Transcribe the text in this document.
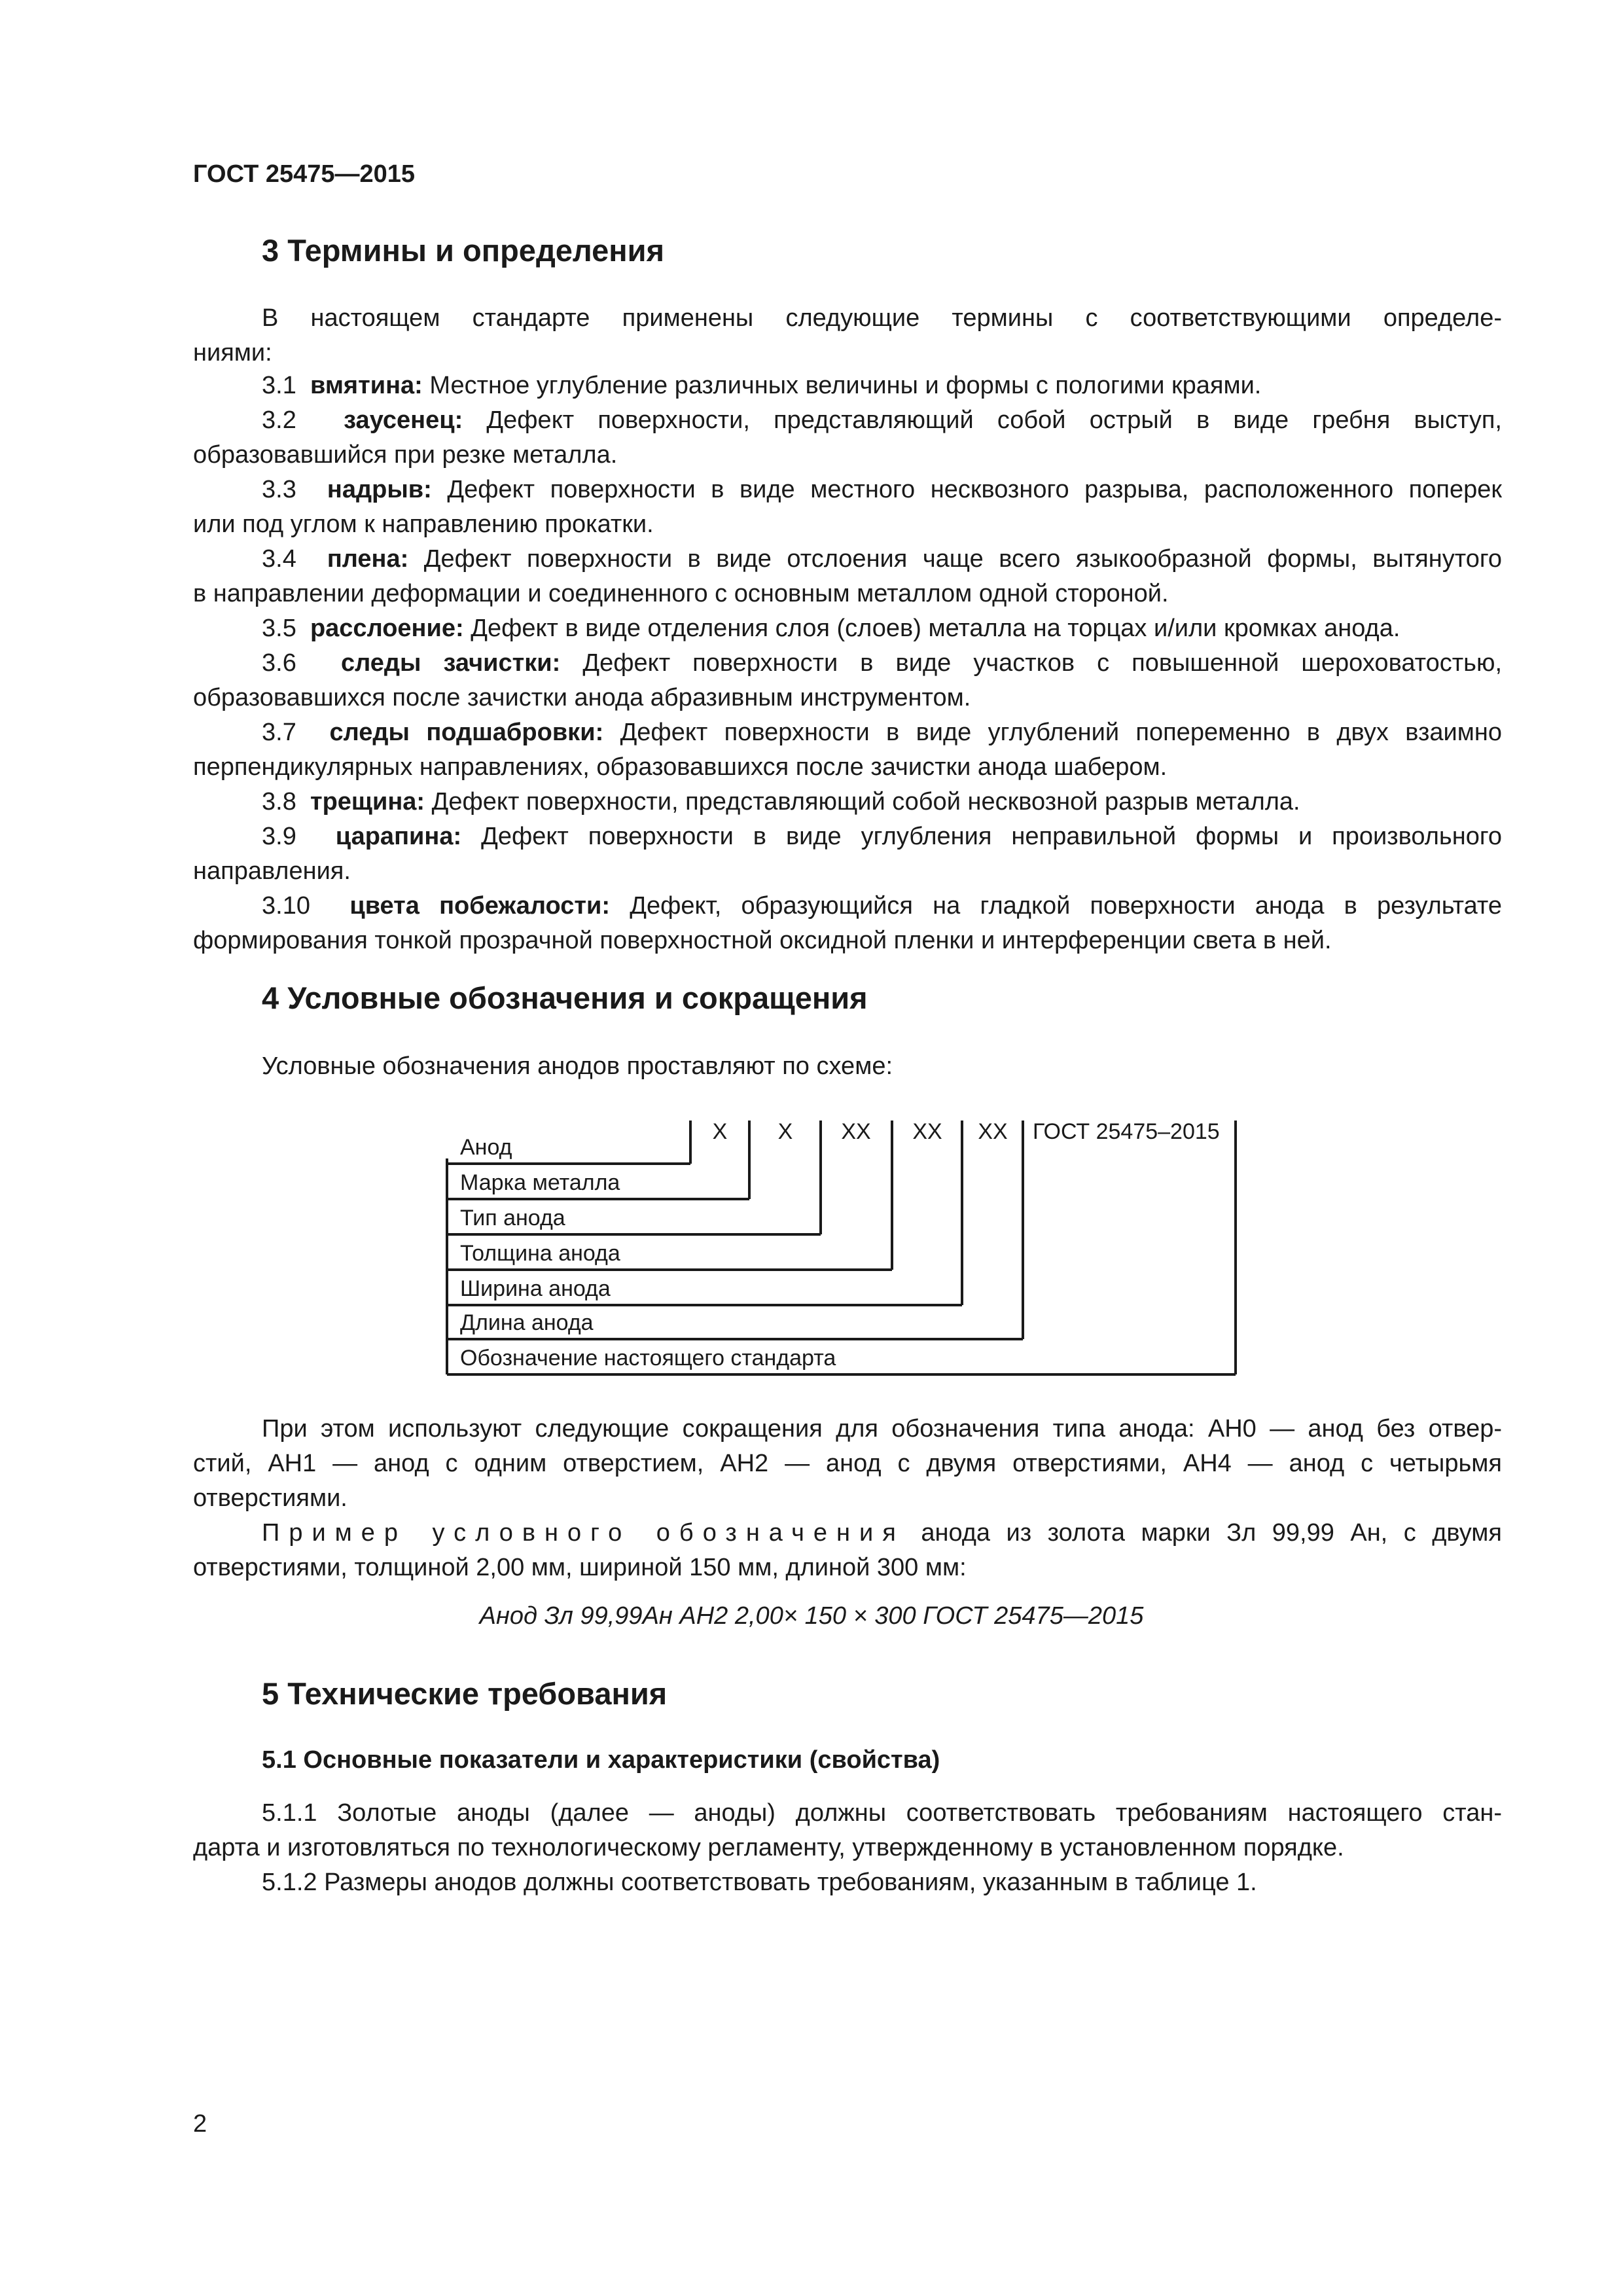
ГОСТ 25475—2015
3 Термины и определения
В настоящем стандарте применены следующие термины с соответствующими определе-
ниями:
3.1 вмятина: Местное углубление различных величины и формы с пологими краями.
3.2 заусенец: Дефект поверхности, представляющий собой острый в виде гребня выступ,
образовавшийся при резке металла.
3.3 надрыв: Дефект поверхности в виде местного несквозного разрыва, расположенного поперек
или под углом к направлению прокатки.
3.4 плена: Дефект поверхности в виде отслоения чаще всего языкообразной формы, вытянутого
в направлении деформации и соединенного с основным металлом одной стороной.
3.5 расслоение: Дефект в виде отделения слоя (слоев) металла на торцах и/или кромках анода.
3.6 следы зачистки: Дефект поверхности в виде участков с повышенной шероховатостью,
образовавшихся после зачистки анода абразивным инструментом.
3.7 следы подшабровки: Дефект поверхности в виде углублений попеременно в двух взаимно
перпендикулярных направлениях, образовавшихся после зачистки анода шабером.
3.8 трещина: Дефект поверхности, представляющий собой несквозной разрыв металла.
3.9 царапина: Дефект поверхности в виде углубления неправильной формы и произвольного
направления.
3.10 цвета побежалости: Дефект, образующийся на гладкой поверхности анода в результате
формирования тонкой прозрачной поверхностной оксидной пленки и интерференции света в ней.
4 Условные обозначения и сокращения
Условные обозначения анодов проставляют по схеме:
Анод
X X XX XX XX ГОСТ 25475–2015
Марка металла
Тип анода
Толщина анода
Ширина анода
Длина анода
Обозначение настоящего стандарта
При этом используют следующие сокращения для обозначения типа анода: АН0 — анод без отвер-
стий, АН1 — анод с одним отверстием, АН2 — анод с двумя отверстиями, АН4 — анод с четырьмя
отверстиями.
Пример условного обозначения анода из золота марки Зл 99,99 Ан, с двумя
отверстиями, толщиной 2,00 мм, шириной 150 мм, длиной 300 мм:
Анод Зл 99,99Ан АН2 2,00× 150 × 300 ГОСТ 25475—2015
5 Технические требования
5.1 Основные показатели и характеристики (свойства)
5.1.1 Золотые аноды (далее — аноды) должны соответствовать требованиям настоящего стан-
дарта и изготовляться по технологическому регламенту, утвержденному в установленном порядке.
5.1.2 Размеры анодов должны соответствовать требованиям, указанным в таблице 1.
2
